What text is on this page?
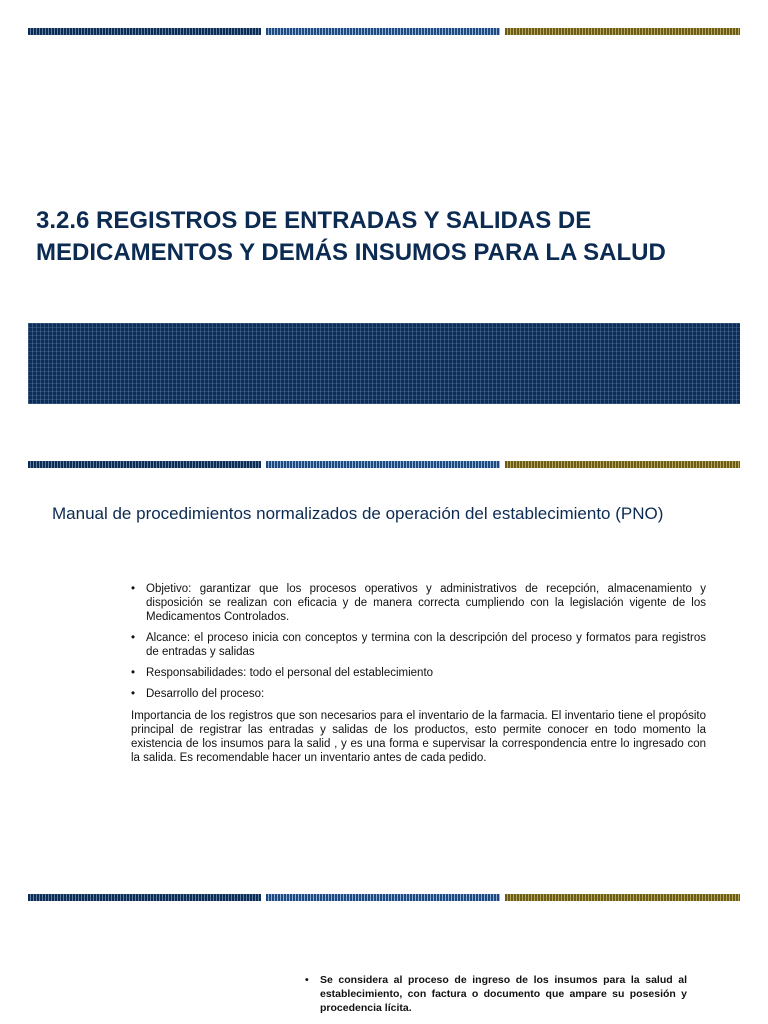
3.2.6 REGISTROS DE ENTRADAS Y SALIDAS DE
MEDICAMENTOS Y DEMÁS INSUMOS PARA LA SALUD
Manual de procedimientos normalizados de operación del establecimiento (PNO)
• Objetivo: garantizar que los procesos operativos y administrativos de recepción, almacenamiento y disposición se realizan con eficacia y de manera correcta cumpliendo con la legislación vigente de los Medicamentos Controlados.
• Alcance: el proceso inicia con conceptos y termina con la descripción del proceso y formatos para registros de entradas y salidas
• Responsabilidades: todo el personal del establecimiento
• Desarrollo del proceso:

Importancia de los registros que son necesarios para el inventario de la farmacia. El inventario tiene el propósito principal de registrar las entradas y salidas de los productos, esto permite conocer en todo momento la existencia de los insumos para la salid , y es una forma e supervisar la correspondencia entre lo ingresado con la salida. Es recomendable hacer un inventario antes de cada pedido.

• Se considera al proceso de ingreso de los insumos para la salud al establecimiento, con factura o documento que ampare su posesión y procedencia lícita.
